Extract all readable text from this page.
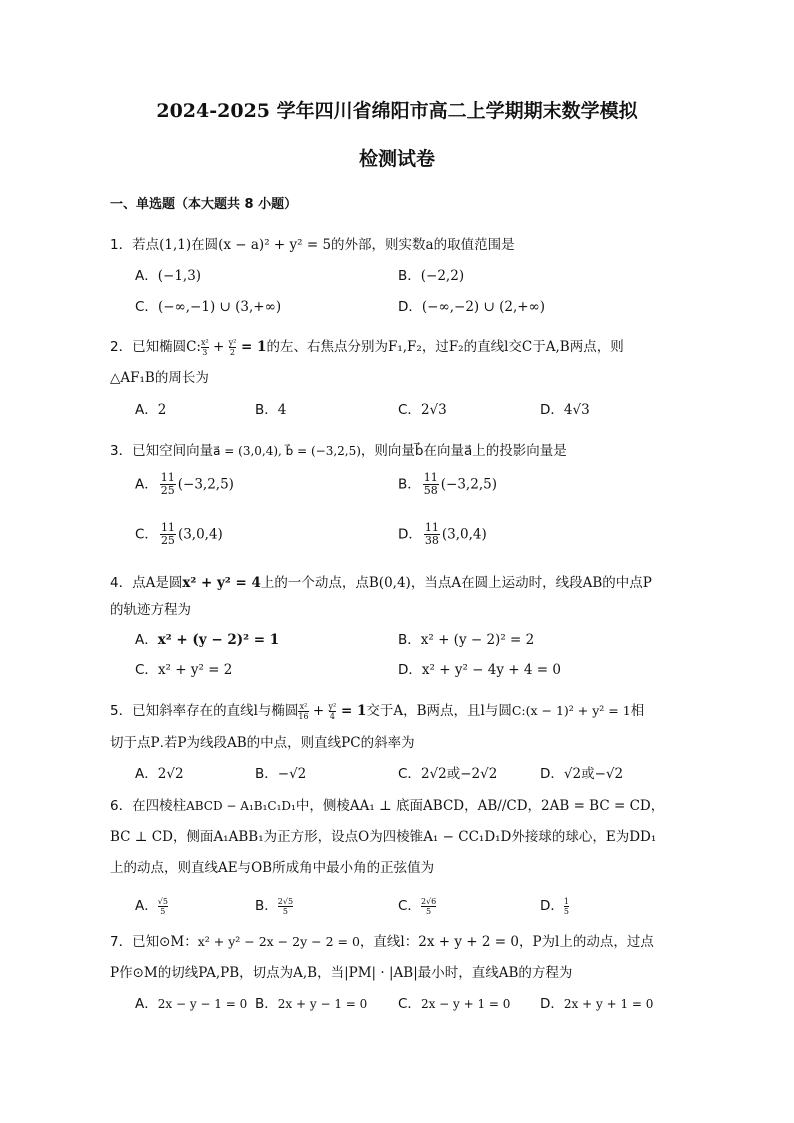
2024-2025 学年四川省绵阳市高二上学期期末数学模拟
检测试卷
一、单选题（本大题共 8 小题）
1．若点(1,1)在圆(x − a)² + y² = 5的外部，则实数a的取值范围是
A．(−1,3)	B．(−2,2)
C．(−∞,−1) ∪ (3,+∞)	D．(−∞,−2) ∪ (2,+∞)
2．已知椭圆C: $\frac{\text{x²}}{3} + \frac{\text{y²}}{2} = 1$的左、右焦点分别为F₁,F₂，过F₂的直线l交C于A,B两点，则
△AF₁B的周长为
A．2	B．4	C．2√3	D．4√3
3．已知空间向量a⃗ = (3,0,4), b⃗ = (−3,2,5)，则向量b⃗在向量a⃗上的投影向量是
A． $\frac{11}{25} (-3,2,5)$	B． $\frac{11}{58} (-3,2,5)$
C． $\frac{11}{25} (3,0,4)$	D． $\frac{11}{38} (3,0,4)$
4．点A是圆x² + y² = 4上的一个动点，点B(0,4)，当点A在圆上运动时，线段AB的中点P
的轨迹方程为
A．x² + (y − 2)² = 1	B．x² + (y − 2)² = 2
C．x² + y² = 2	D．x² + y² − 4y + 4 = 0
5．已知斜率存在的直线l与椭圆 $\frac{\text{x²}}{16} + \frac{\text{y²}}{4} = 1$交于A，B两点，且l与圆C:(x − 1)² + y² = 1相
切于点P.若P为线段AB的中点，则直线PC的斜率为
A．2√2	B．−√2	C．2√2或−2√2	D．√2或−√2
6．在四棱柱ABCD − A₁B₁C₁D₁中，侧棱AA₁ ⊥ 底面ABCD，AB//CD，2AB = BC = CD，
BC ⊥ CD，侧面A₁ABB₁为正方形，设点O为四棱锥A₁ − CC₁D₁D外接球的球心，E为DD₁
上的动点，则直线AE与OB所成角中最小角的正弦值为
A． $\frac{√5}{5}$	B． $\frac{2√5}{5}$	C． $\frac{2√6}{5}$	D． $\frac{1}{5}$
7．已知⊙M：x² + y² − 2x − 2y − 2 = 0，直线l：2x + y + 2 = 0，P为l上的动点，过点
P作⊙M的切线PA,PB，切点为A,B，当|PM| · |AB|最小时，直线AB的方程为
A．2x − y − 1 = 0 B．2x + y − 1 = 0 C．2x − y + 1 = 0 D．2x + y + 1 = 0
